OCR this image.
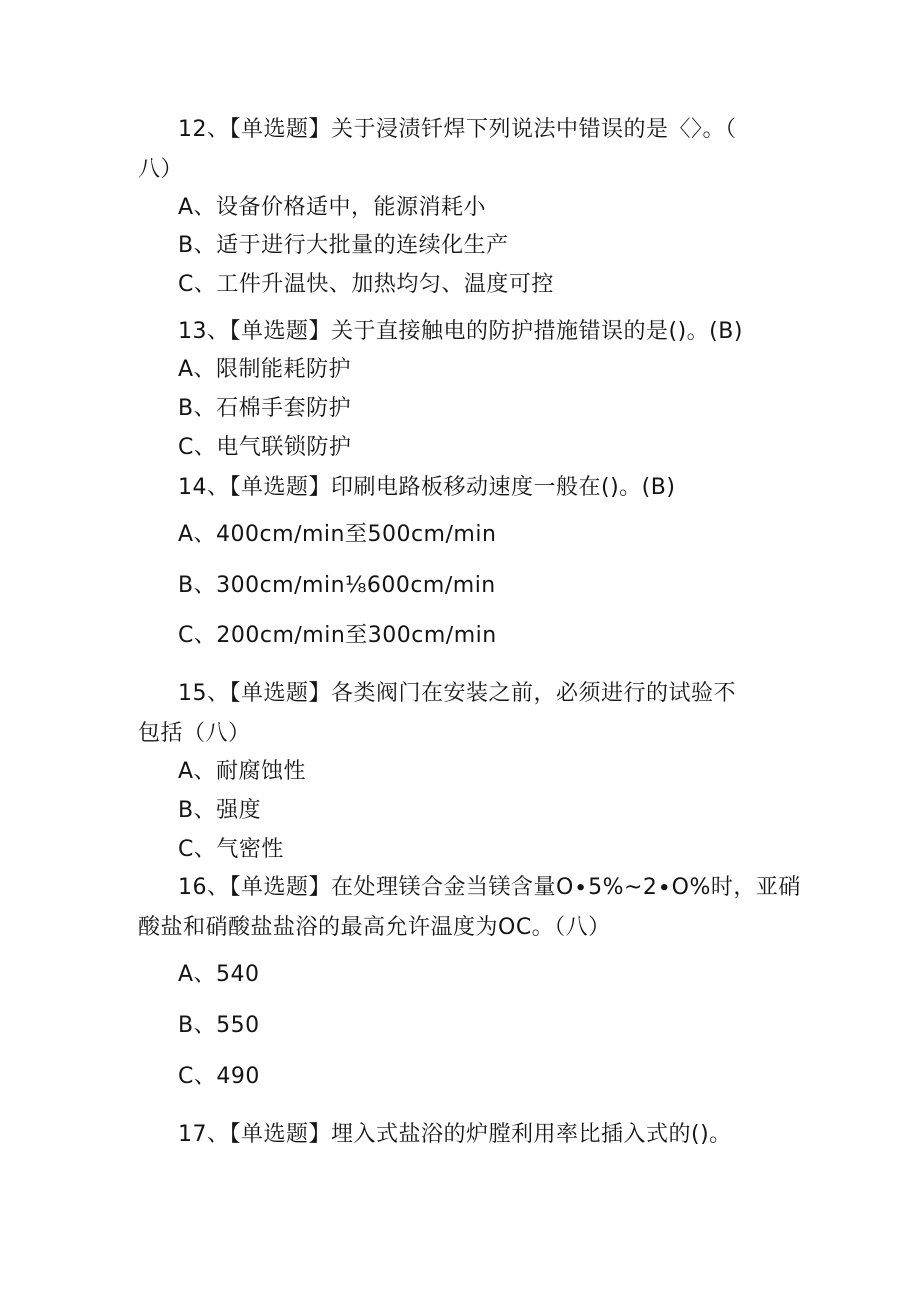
12、【单选题】关于浸渍钎焊下列说法中错误的是〈〉。（
八）
A、设备价格适中，能源消耗小
B、适于进行大批量的连续化生产
C、工件升温快、加热均匀、温度可控
13、【单选题】关于直接触电的防护措施错误的是()。(B)
A、限制能耗防护
B、石棉手套防护
C、电气联锁防护
14、【单选题】印刷电路板移动速度一般在()。(B)
A、400cm∕min至500cm∕min
B、300cm∕min⅛600cm∕min
C、200cm∕min至300cm∕min
15、【单选题】各类阀门在安装之前，必须进行的试验不
包括（八）
A、耐腐蚀性
B、强度
C、气密性
16、【单选题】在处理镁合金当镁含量O∙5%~2∙O%时，亚硝
酸盐和硝酸盐盐浴的最高允许温度为OC。（八）
A、540
B、550
C、490
17、【单选题】埋入式盐浴的炉膛利用率比插入式的()。
